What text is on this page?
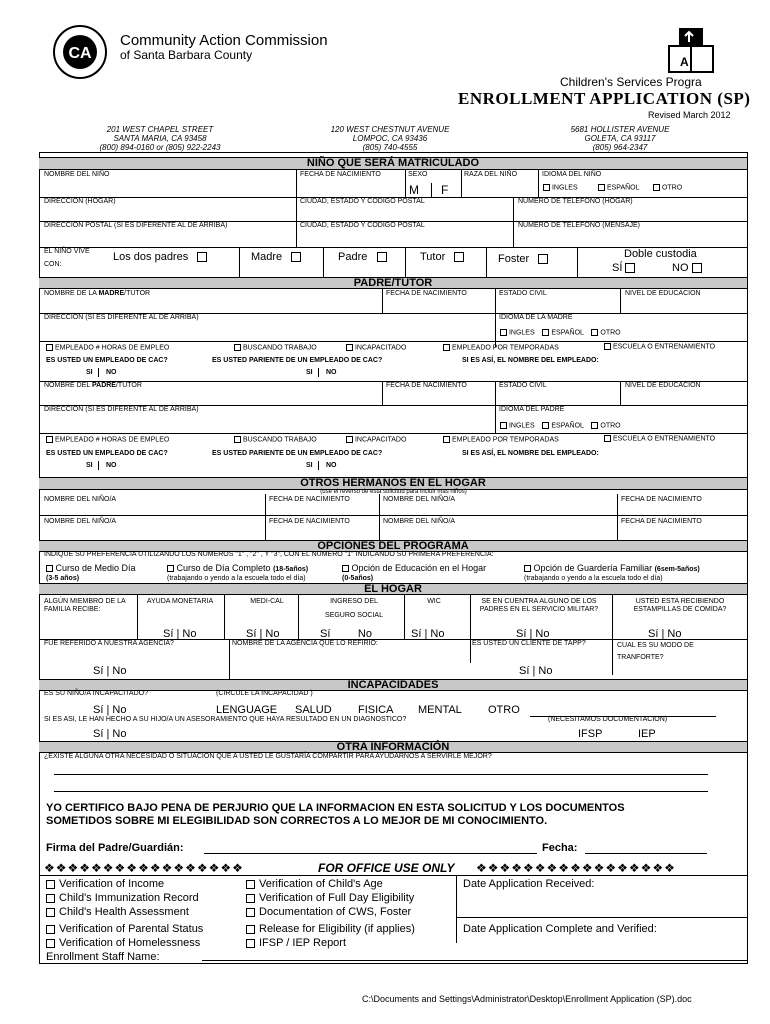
CA
Community Action Commission
of Santa Barbara County	A
Children's Services Progra
ENROLLMENT APPLICATION (SP)
Revised March 2012
201 WEST CHAPEL STREET
SANTA MARIA, CA 93458
(800) 894-0160 or (805) 922-2243
120 WEST CHESTNUT AVENUE
LOMPOC, CA 93436
(805) 740-4555
5681 HOLLISTER AVENUE
GOLETA, CA 93117
(805) 964-2347
NIÑO QUE SERÁ MATRICULADO
NOMBRE DEL NIÑO	FECHA DE NACIMIENTO	SEXO
M F
RAZA DEL NIÑO	IDIOMA DEL NIÑO
INGLES	ESPAÑOL	OTRO
DIRECCION (HOGAR)	CIUDAD, ESTADO Y CODIGO POSTAL	NUMERO DE TELEFONO (HOGAR)
DIRECCION POSTAL (SI ES DIFERENTE AL DE ARRIBA)	CIUDAD, ESTADO Y CODIGO POSTAL	NUMERO DE TELEFONO (MENSAJE)
EL NIÑO VIVE
CON:
Los dos padres	Madre	Padre	Tutor	Foster	Doble custodia
SÍ	NO
PADRE/TUTOR
NOMBRE DE LA MADRE/TUTOR	FECHA DE NACIMIENTO	ESTADO CIVIL	NIVEL DE EDUCACION
DIRECCION (SI ES DIFERENTE AL DE ARRIBA)	IDIOMA DE LA MADRE
INGLES ESPAÑOL OTRO
EMPLEADO # HORAS DE EMPLEO	BUSCANDO TRABAJO	INCAPACITADO	EMPLEADO POR TEMPORADAS	ESCUELA O ENTRENAMIENTO
ES USTED UN EMPLEADO DE CAC?	ES USTED PARIENTE DE UN EMPLEADO DE CAC?	SI ES ASÍ, EL NOMBRE DEL EMPLEADO:
SI NO	SI NO
NOMBRE DEL PADRE/TUTOR	FECHA DE NACIMIENTO	ESTADO CIVIL	NIVEL DE EDUCACION
DIRECCION (SI ES DIFERENTE AL DE ARRIBA)	IDIOMA DEL PADRE
INGLES ESPAÑOL OTRO
EMPLEADO # HORAS DE EMPLEO	BUSCANDO TRABAJO	INCAPACITADO	EMPLEADO POR TEMPORADAS	ESCUELA O ENTRENAMIENTO
ES USTED UN EMPLEADO DE CAC?	ES USTED PARIENTE DE UN EMPLEADO DE CAC?	SI ES ASÍ, EL NOMBRE DEL EMPLEADO:
SI NO	SI NO
OTROS HERMANOS EN EL HOGAR
(use el reverso de esta solicitud para incluir mas niños)
NOMBRE DEL NIÑO/A	FECHA DE NACIMIENTO	NOMBRE DEL NIÑO/A	FECHA DE NACIMIENTO
NOMBRE DEL NIÑO/A	FECHA DE NACIMIENTO	NOMBRE DEL NIÑO/A	FECHA DE NACIMIENTO
OPCIONES DEL PROGRAMA
INDIQUE SU PREFERENCIA UTILIZANDO LOS NUMEROS "1" , "2" , Y "3", CON EL NUMERO "1" INDICANDO SU PRIMERA PREFERENCIA:
Curso de Medio Día
(3-5 años)
Curso de Día Completo (18-5años)
(trabajando o yendo a la escuela todo el día)
Opción de Educación en el Hogar
(0-5años)
Opción de Guardería Familiar (6sem-5años)
(trabajando o yendo a la escuela todo el día)
EL HOGAR
ALGÚN MIEMBRO DE LA FAMILIA RECIBE:
AYUDA MONETARIA
Sí | No
MEDI-CAL
Sí | No
INGRESO DEL
SEGURO SOCIAL
Sí	No
WIC
Sí | No
SE EN CUENTRA ALGUNO DE LOS PADRES EN EL SERVICIO MILITAR?
Sí | No
USTED ESTA RECIBIENDO ESTAMPILLAS DE COMIDA?
Sí | No
FUE REFERIDO A NUESTRA AGENCIA?
Sí | No
NOMBRE DE LA AGENCIA QUE LO REFIRIO:	ES USTED UN CLIENTE DE TAPP?
Sí | No
CUAL ES SU MODO DE TRANFORTE?
INCAPACIDADES
ES SU NIÑO/A INCAPACITADO?	(CIRCULE LA INCAPACIDAD )
Sí | No	LENGUAGE SALUD FISICA MENTAL OTRO
SI ES ASI, LE HAN HECHO A SU HIJO/A UN ASESORAMIENTO QUE HAYA RESULTADO EN UN DIAGNOSTICO?	(NECESITAMOS DOCUMENTACION)
Sí | No	IFSP	IEP
OTRA INFORMACIÓN
¿EXISTE ALGUNA OTRA NECESIDAD O SITUACION QUE A USTED LE GUSTARÍA COMPARTIR PARA AYUDARNOS A SERVIRLE MEJOR?
YO CERTIFICO BAJO PENA DE PERJURIO QUE LA INFORMACION EN ESTA SOLICITUD Y LOS DOCUMENTOS
SOMETIDOS SOBRE MI ELEGIBILIDAD SON CORRECTOS A LO MEJOR DE MI CONOCIMIENTO.
Firma del Padre/Guardián:	Fecha:
❖❖❖❖❖❖❖❖❖❖❖❖❖❖❖❖❖	FOR OFFICE USE ONLY	❖❖❖❖❖❖❖❖❖❖❖❖❖❖❖❖❖
Verification of Income
Child's Immunization Record
Child's Health Assessment
Verification of Parental Status
Verification of Homelessness
Enrollment Staff Name:
Verification of Child's Age
Verification of Full Day Eligibility
Documentation of CWS, Foster
Release for Eligibility (if applies)
IFSP / IEP Report
Date Application Received:
Date Application Complete and Verified:
C:\Documents and Settings\Administrator\Desktop\Enrollment Application (SP).doc
